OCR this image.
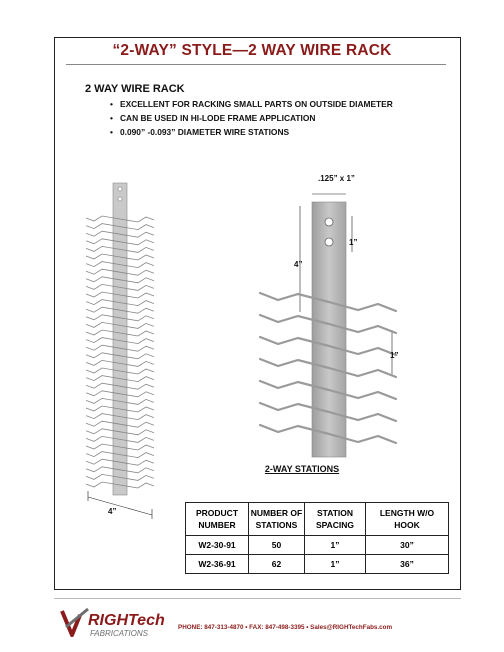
“2-WAY” STYLE—2 WAY WIRE RACK
2 WAY WIRE RACK
• EXCELLENT FOR RACKING SMALL PARTS ON OUTSIDE DIAMETER
• CAN BE USED IN HI-LODE FRAME APPLICATION
• 0.090” -0.093” DIAMETER WIRE STATIONS
4”
.125” x 1”
1”
4”
1”
2-WAY STATIONS
PRODUCT NUMBER	NUMBER OF STATIONS	STATION SPACING	LENGTH W/O HOOK
W2-30-91	50	1”	30”
W2-36-91	62	1”	36”
RIGHTech
FABRICATIONS
PHONE: 847-313-4870 • FAX: 847-498-3395 • Sales@RIGHTechFabs.com
